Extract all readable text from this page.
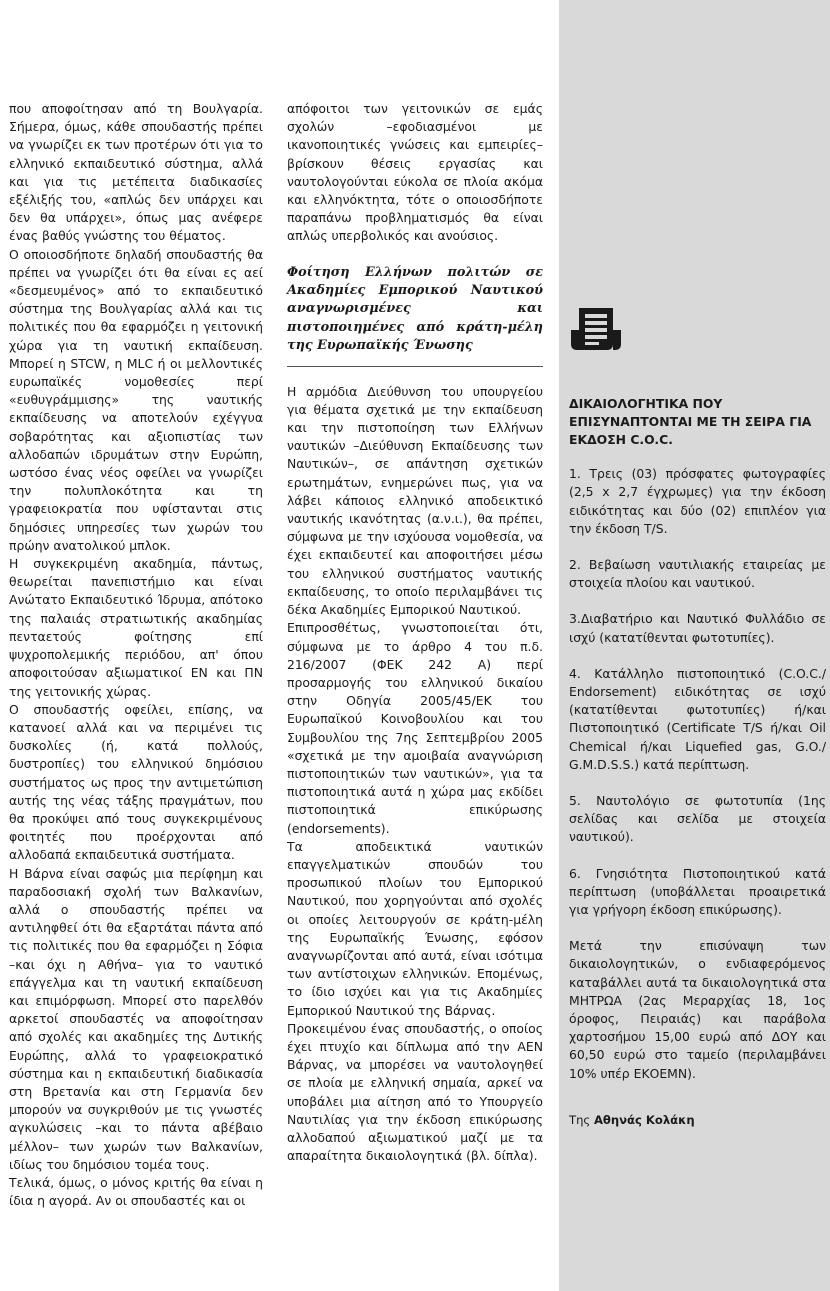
που αποφοίτησαν από τη Βουλγαρία. Σήμερα, όμως, κάθε σπουδαστής πρέπει να γνωρίζει εκ των προτέρων ότι για το ελληνικό εκπαιδευτικό σύστημα, αλλά και για τις μετέπειτα διαδικασίες εξέλιξής του, «απλώς δεν υπάρχει και δεν θα υπάρχει», όπως μας ανέφερε ένας βαθύς γνώστης του θέματος.

Ο οποιοσδήποτε δηλαδή σπουδαστής θα πρέπει να γνωρίζει ότι θα είναι ες αεί «δεσμευμένος» από το εκπαιδευτικό σύστημα της Βουλγαρίας αλλά και τις πολιτικές που θα εφαρμόζει η γειτονική χώρα για τη ναυτική εκπαίδευση. Μπορεί η STCW, η MLC ή οι μελλοντικές ευρωπαϊκές νομοθεσίες περί «ευθυγράμμισης» της ναυτικής εκπαίδευσης να αποτελούν εχέγγυα σοβαρότητας και αξιοπιστίας των αλλοδαπών ιδρυμάτων στην Ευρώπη, ωστόσο ένας νέος οφείλει να γνωρίζει την πολυπλοκότητα και τη γραφειοκρατία που υφίστανται στις δημόσιες υπηρεσίες των χωρών του πρώην ανατολικού μπλοκ.

Η συγκεκριμένη ακαδημία, πάντως, θεωρείται πανεπιστήμιο και είναι Ανώτατο Εκπαιδευτικό Ίδρυμα, απότοκο της παλαιάς στρατιωτικής ακαδημίας πενταετούς φοίτησης επί ψυχροπολεμικής περιόδου, απ' όπου αποφοιτούσαν αξιωματικοί ΕΝ και ΠΝ της γειτονικής χώρας.

Ο σπουδαστής οφείλει, επίσης, να κατανοεί αλλά και να περιμένει τις δυσκολίες (ή, κατά πολλούς, δυστροπίες) του ελληνικού δημόσιου συστήματος ως προς την αντιμετώπιση αυτής της νέας τάξης πραγμάτων, που θα προκύψει από τους συγκεκριμένους φοιτητές που προέρχονται από αλλοδαπά εκπαιδευτικά συστήματα.

Η Βάρνα είναι σαφώς μια περίφημη και παραδοσιακή σχολή των Βαλκανίων, αλλά ο σπουδαστής πρέπει να αντιληφθεί ότι θα εξαρτάται πάντα από τις πολιτικές που θα εφαρμόζει η Σόφια –και όχι η Αθήνα– για το ναυτικό επάγγελμα και τη ναυτική εκπαίδευση και επιμόρφωση. Μπορεί στο παρελθόν αρκετοί σπουδαστές να αποφοίτησαν από σχολές και ακαδημίες της Δυτικής Ευρώπης, αλλά το γραφειοκρατικό σύστημα και η εκπαιδευτική διαδικασία στη Βρετανία και στη Γερμανία δεν μπορούν να συγκριθούν με τις γνωστές αγκυλώσεις –και το πάντα αβέβαιο μέλλον– των χωρών των Βαλκανίων, ιδίως του δημόσιου τομέα τους.

Τελικά, όμως, ο μόνος κριτής θα είναι η ίδια η αγορά. Αν οι σπουδαστές και οι

απόφοιτοι των γειτονικών σε εμάς σχολών –εφοδιασμένοι με ικανοποιητικές γνώσεις και εμπειρίες– βρίσκουν θέσεις εργασίας και ναυτολογούνται εύκολα σε πλοία ακόμα και ελληνόκτητα, τότε ο οποιοσδήποτε παραπάνω προβληματισμός θα είναι απλώς υπερβολικός και ανούσιος.

Φοίτηση Ελλήνων πολιτών σε Ακαδημίες Εμπορικού Ναυτικού αναγνωρισμένες και πιστοποιημένες από κράτη-μέλη της Ευρωπαϊκής Ένωσης

Η αρμόδια Διεύθυνση του υπουργείου για θέματα σχετικά με την εκπαίδευση και την πιστοποίηση των Ελλήνων ναυτικών –Διεύθυνση Εκπαίδευσης των Ναυτικών–, σε απάντηση σχετικών ερωτημάτων, ενημερώνει πως, για να λάβει κάποιος ελληνικό αποδεικτικό ναυτικής ικανότητας (α.ν.ι.), θα πρέπει, σύμφωνα με την ισχύουσα νομοθεσία, να έχει εκπαιδευτεί και αποφοιτήσει μέσω του ελληνικού συστήματος ναυτικής εκπαίδευσης, το οποίο περιλαμβάνει τις δέκα Ακαδημίες Εμπορικού Ναυτικού.

Επιπροσθέτως, γνωστοποιείται ότι, σύμφωνα με το άρθρο 4 του π.δ. 216/2007 (ΦΕΚ 242 Α) περί προσαρμογής του ελληνικού δικαίου στην Οδηγία 2005/45/ΕΚ του Ευρωπαϊκού Κοινοβουλίου και του Συμβουλίου της 7ης Σεπτεμβρίου 2005 «σχετικά με την αμοιβαία αναγνώριση πιστοποιητικών των ναυτικών», για τα πιστοποιητικά αυτά η χώρα μας εκδίδει πιστοποιητικά επικύρωσης (endorsements).

Τα αποδεικτικά ναυτικών επαγγελματικών σπουδών του προσωπικού πλοίων του Εμπορικού Ναυτικού, που χορηγούνται από σχολές οι οποίες λειτουργούν σε κράτη-μέλη της Ευρωπαϊκής Ένωσης, εφόσον αναγνωρίζονται από αυτά, είναι ισότιμα των αντίστοιχων ελληνικών. Επομένως, το ίδιο ισχύει και για τις Ακαδημίες Εμπορικού Ναυτικού της Βάρνας.

Προκειμένου ένας σπουδαστής, ο οποίος έχει πτυχίο και δίπλωμα από την ΑΕΝ Βάρνας, να μπορέσει να ναυτολογηθεί σε πλοία με ελληνική σημαία, αρκεί να υποβάλει μια αίτηση από το Υπουργείο Ναυτιλίας για την έκδοση επικύρωσης αλλοδαπού αξιωματικού μαζί με τα απαραίτητα δικαιολογητικά (βλ. δίπλα).

ΔΙΚΑΙΟΛΟΓΗΤΙΚΑ ΠΟΥ ΕΠΙΣΥΝΑΠΤΟΝΤΑΙ ΜΕ ΤΗ ΣΕΙΡΑ ΓΙΑ ΕΚΔΟΣΗ C.O.C.

1. Τρεις (03) πρόσφατες φωτογραφίες (2,5 x 2,7 έγχρωμες) για την έκδοση ειδικότητας και δύο (02) επιπλέον για την έκδοση T/S.

2. Βεβαίωση ναυτιλιακής εταιρείας με στοιχεία πλοίου και ναυτικού.

3.Διαβατήριο και Ναυτικό Φυλλάδιο σε ισχύ (κατατίθενται φωτοτυπίες).

4. Κατάλληλο πιστοποιητικό (C.O.C./ Endorsement) ειδικότητας σε ισχύ (κατατίθενται φωτοτυπίες) ή/και Πιστοποιητικό (Certificate T/S ή/και Oil Chemical ή/και Liquefied gas, G.O./ G.M.D.S.S.) κατά περίπτωση.

5. Ναυτολόγιο σε φωτοτυπία (1ης σελίδας και σελίδα με στοιχεία ναυτικού).

6. Γνησιότητα Πιστοποιητικού κατά περίπτωση (υποβάλλεται προαιρετικά για γρήγορη έκδοση επικύρωσης).

Μετά την επισύναψη των δικαιολογητικών, ο ενδιαφερόμενος καταβάλλει αυτά τα δικαιολογητικά στα ΜΗΤΡΩΑ (2ας Μεραρχίας 18, 1ος όροφος, Πειραιάς) και παράβολα χαρτοσήμου 15,00 ευρώ από ΔΟΥ και 60,50 ευρώ στο ταμείο (περιλαμβάνει 10% υπέρ ΕΚΟΕΜΝ).

Της Αθηνάς Κολάκη
